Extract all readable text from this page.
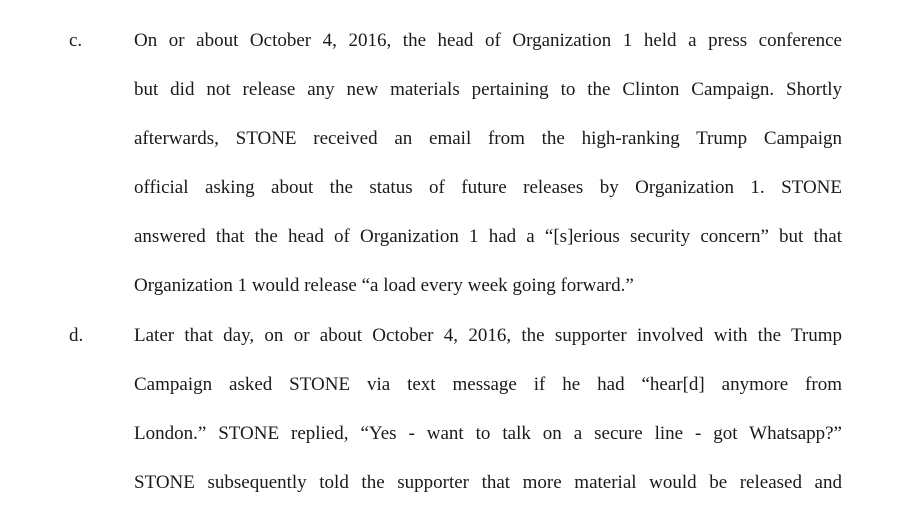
c.	On or about October 4, 2016, the head of Organization 1 held a press conference
but did not release any new materials pertaining to the Clinton Campaign. Shortly
afterwards, STONE received an email from the high-ranking Trump Campaign
official asking about the status of future releases by Organization 1. STONE
answered that the head of Organization 1 had a “[s]erious security concern” but that
Organization 1 would release “a load every week going forward.”
d.	Later that day, on or about October 4, 2016, the supporter involved with the Trump
Campaign asked STONE via text message if he had “hear[d] anymore from
London.” STONE replied, “Yes - want to talk on a secure line - got Whatsapp?”
STONE subsequently told the supporter that more material would be released and
